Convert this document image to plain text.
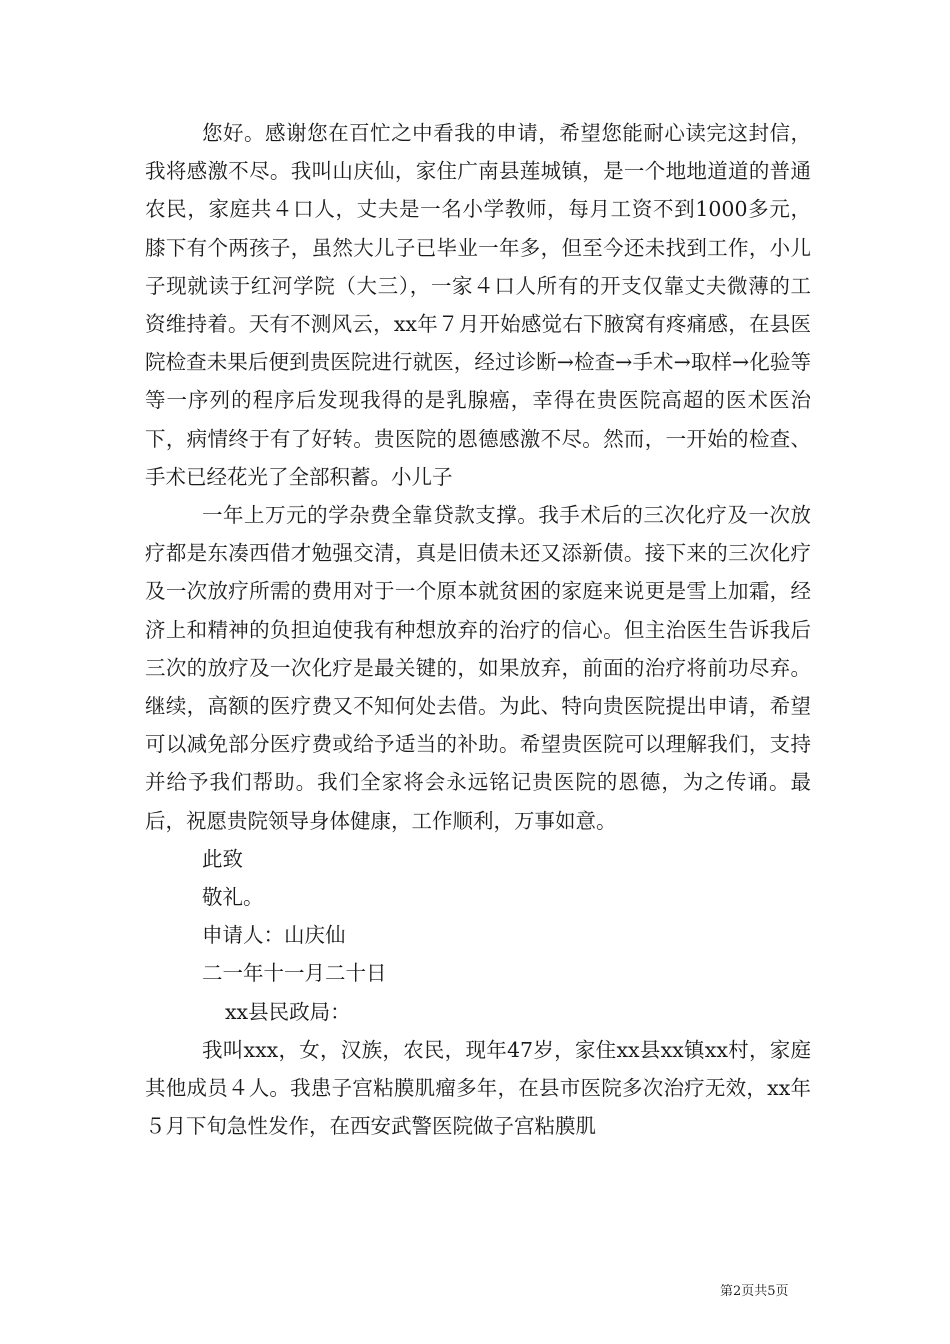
您好。感谢您在百忙之中看我的申请，希望您能耐心读完这封信，我将感激不尽。我叫山庆仙，家住广南县莲城镇，是一个地地道道的普通农民，家庭共４口人，丈夫是一名小学教师，每月工资不到1000多元，膝下有个两孩子，虽然大儿子已毕业一年多，但至今还未找到工作，小儿子现就读于红河学院（大三），一家４口人所有的开支仅靠丈夫微薄的工资维持着。天有不测风云，xx年７月开始感觉右下腋窝有疼痛感，在县医院检查未果后便到贵医院进行就医，经过诊断→检查→手术→取样→化验等等一序列的程序后发现我得的是乳腺癌，幸得在贵医院高超的医术医治下，病情终于有了好转。贵医院的恩德感激不尽。然而，一开始的检查、手术已经花光了全部积蓄。小儿子

一年上万元的学杂费全靠贷款支撑。我手术后的三次化疗及一次放疗都是东凑西借才勉强交清，真是旧债未还又添新债。接下来的三次化疗及一次放疗所需的费用对于一个原本就贫困的家庭来说更是雪上加霜，经济上和精神的负担迫使我有种想放弃的治疗的信心。但主治医生告诉我后三次的放疗及一次化疗是最关键的，如果放弃，前面的治疗将前功尽弃。继续，高额的医疗费又不知何处去借。为此、特向贵医院提出申请，希望可以减免部分医疗费或给予适当的补助。希望贵医院可以理解我们，支持并给予我们帮助。我们全家将会永远铭记贵医院的恩德，为之传诵。最后，祝愿贵院领导身体健康，工作顺利，万事如意。

此致

敬礼。

申请人：山庆仙

二一年十一月二十日

xx县民政局：

我叫xxx，女，汉族，农民，现年47岁，家住xx县xx镇xx村，家庭其他成员４人。我患子宫粘膜肌瘤多年，在县市医院多次治疗无效，xx年５月下旬急性发作，在西安武警医院做子宫粘膜肌

第2页共5页
